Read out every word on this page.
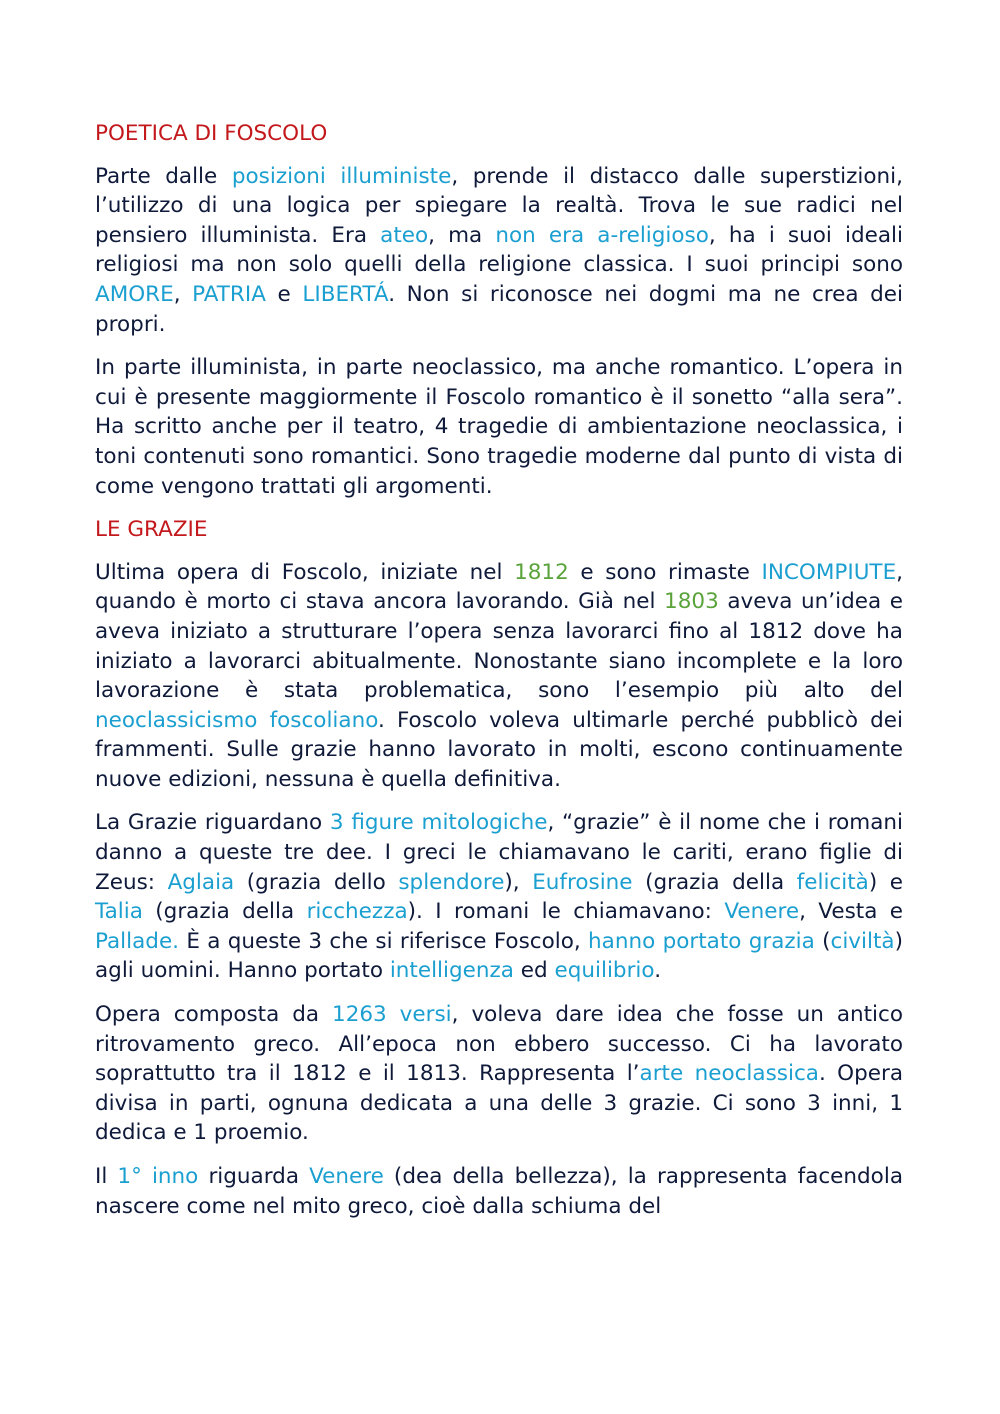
POETICA DI FOSCOLO

Parte dalle posizioni illuministe, prende il distacco dalle superstizioni, l’utilizzo di una logica per spiegare la realtà. Trova le sue radici nel pensiero illuminista. Era ateo, ma non era a-religioso, ha i suoi ideali religiosi ma non solo quelli della religione classica. I suoi principi sono AMORE, PATRIA e LIBERTÁ. Non si riconosce nei dogmi ma ne crea dei propri.

In parte illuminista, in parte neoclassico, ma anche romantico. L’opera in cui è presente maggiormente il Foscolo romantico è il sonetto “alla sera”. Ha scritto anche per il teatro, 4 tragedie di ambientazione neoclassica, i toni contenuti sono romantici. Sono tragedie moderne dal punto di vista di come vengono trattati gli argomenti.

LE GRAZIE

Ultima opera di Foscolo, iniziate nel 1812 e sono rimaste INCOMPIUTE, quando è morto ci stava ancora lavorando. Già nel 1803 aveva un’idea e aveva iniziato a strutturare l’opera senza lavorarci fino al 1812 dove ha iniziato a lavorarci abitualmente. Nonostante siano incomplete e la loro lavorazione è stata problematica, sono l’esempio più alto del neoclassicismo foscoliano. Foscolo voleva ultimarle perché pubblicò dei frammenti. Sulle grazie hanno lavorato in molti, escono continuamente nuove edizioni, nessuna è quella definitiva.

La Grazie riguardano 3 figure mitologiche, “grazie” è il nome che i romani danno a queste tre dee. I greci le chiamavano le cariti, erano figlie di Zeus: Aglaia (grazia dello splendore), Eufrosine (grazia della felicità) e Talia (grazia della ricchezza). I romani le chiamavano: Venere, Vesta e Pallade. È a queste 3 che si riferisce Foscolo, hanno portato grazia (civiltà) agli uomini. Hanno portato intelligenza ed equilibrio.

Opera composta da 1263 versi, voleva dare idea che fosse un antico ritrovamento greco. All’epoca non ebbero successo. Ci ha lavorato soprattutto tra il 1812 e il 1813. Rappresenta l’arte neoclassica. Opera divisa in parti, ognuna dedicata a una delle 3 grazie. Ci sono 3 inni, 1 dedica e 1 proemio.

Il 1° inno riguarda Venere (dea della bellezza), la rappresenta facendola nascere come nel mito greco, cioè dalla schiuma del
